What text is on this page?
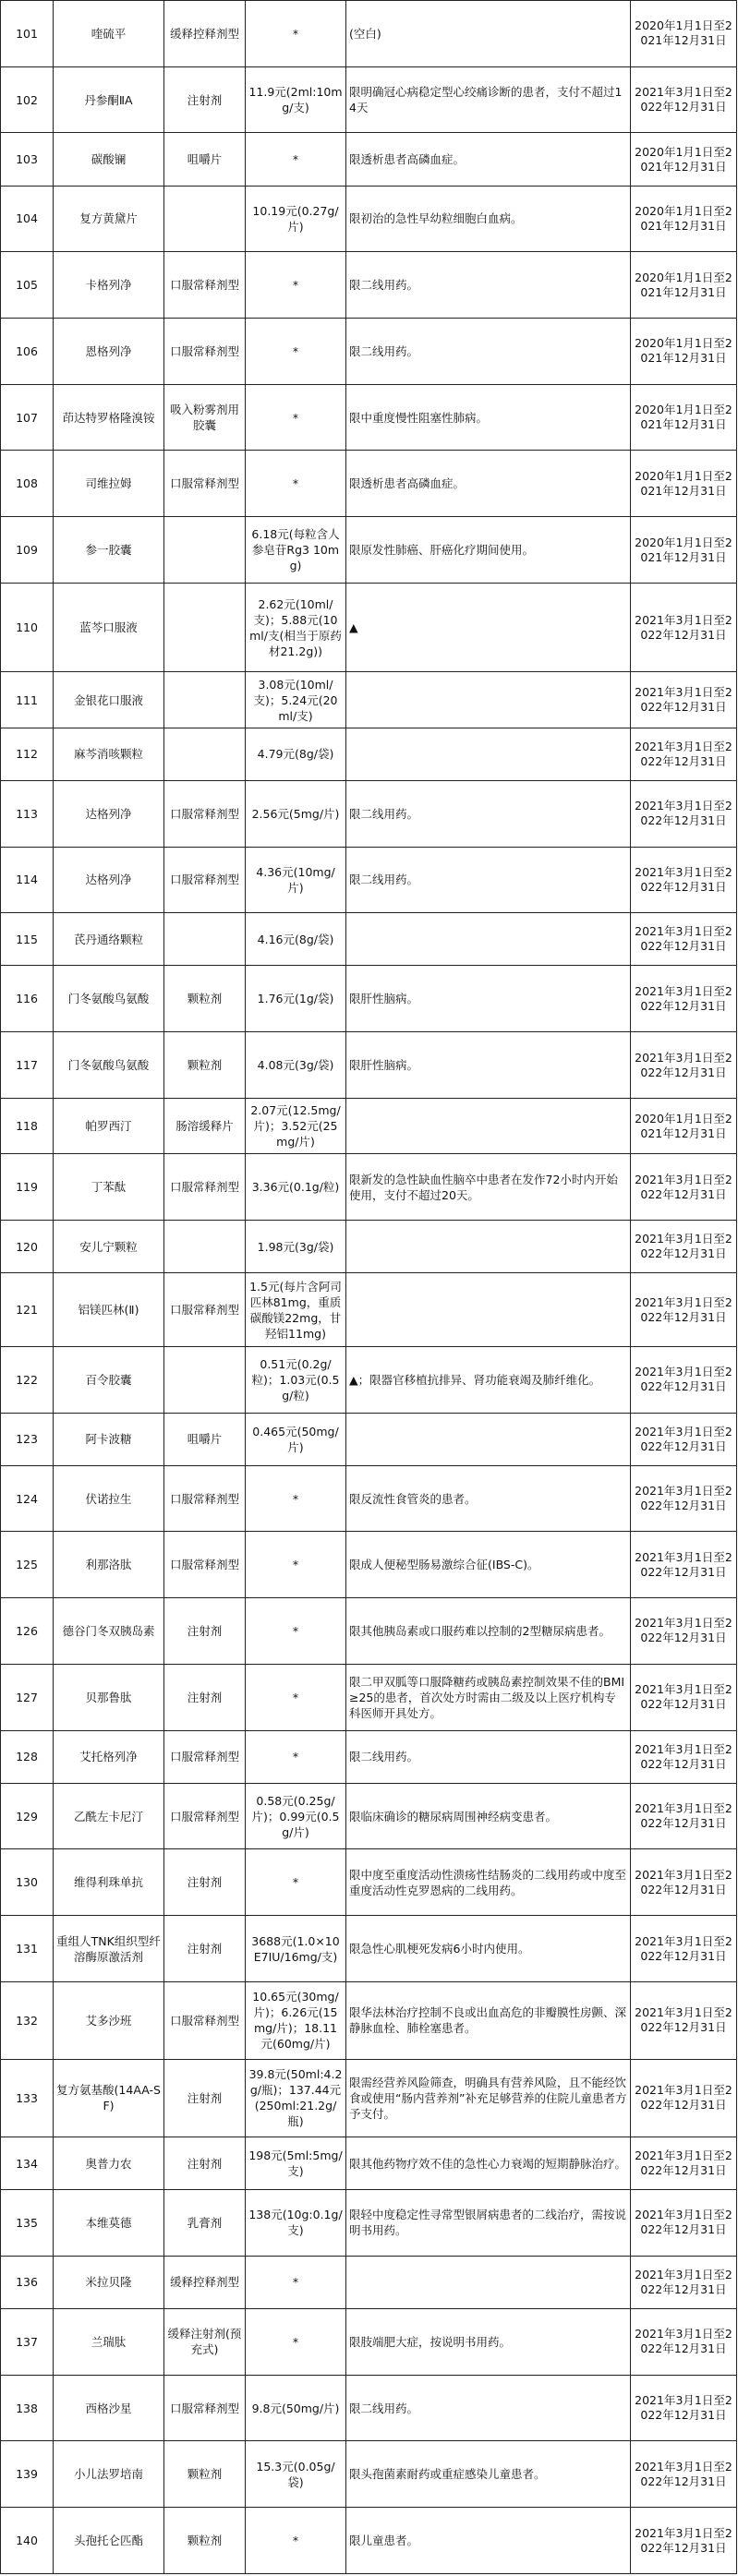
101	喹硫平	缓释控释剂型	*	(空白)	2020年1月1日至2021年12月31日
102	丹参酮ⅡA	注射剂	11.9元(2ml:10mg/支)	限明确冠心病稳定型心绞痛诊断的患者，支付不超过14天	2021年3月1日至2022年12月31日
103	碳酸镧	咀嚼片	*	限透析患者高磷血症。	2020年1月1日至2021年12月31日
104	复方黄黛片		10.19元(0.27g/片)	限初治的急性早幼粒细胞白血病。	2020年1月1日至2021年12月31日
105	卡格列净	口服常释剂型	*	限二线用药。	2020年1月1日至2021年12月31日
106	恩格列净	口服常释剂型	*	限二线用药。	2020年1月1日至2021年12月31日
107	茚达特罗格隆溴铵	吸入粉雾剂用胶囊	*	限中重度慢性阻塞性肺病。	2020年1月1日至2021年12月31日
108	司维拉姆	口服常释剂型	*	限透析患者高磷血症。	2020年1月1日至2021年12月31日
109	参一胶囊		6.18元(每粒含人参皂苷Rg3 10mg)	限原发性肺癌、肝癌化疗期间使用。	2020年1月1日至2021年12月31日
110	蓝芩口服液		2.62元(10ml/支)；5.88元(10ml/支(相当于原药材21.2g))	▲	2021年3月1日至2022年12月31日
111	金银花口服液		3.08元(10ml/支)；5.24元(20ml/支)		2021年3月1日至2022年12月31日
112	麻芩消咳颗粒		4.79元(8g/袋)		2021年3月1日至2022年12月31日
113	达格列净	口服常释剂型	2.56元(5mg/片)	限二线用药。	2021年3月1日至2022年12月31日
114	达格列净	口服常释剂型	4.36元(10mg/片)	限二线用药。	2021年3月1日至2022年12月31日
115	芪丹通络颗粒		4.16元(8g/袋)		2021年3月1日至2022年12月31日
116	门冬氨酸鸟氨酸	颗粒剂	1.76元(1g/袋)	限肝性脑病。	2021年3月1日至2022年12月31日
117	门冬氨酸鸟氨酸	颗粒剂	4.08元(3g/袋)	限肝性脑病。	2021年3月1日至2022年12月31日
118	帕罗西汀	肠溶缓释片	2.07元(12.5mg/片)；3.52元(25mg/片)		2020年1月1日至2021年12月31日
119	丁苯酞	口服常释剂型	3.36元(0.1g/粒)	限新发的急性缺血性脑卒中患者在发作72小时内开始使用，支付不超过20天。	2021年3月1日至2022年12月31日
120	安儿宁颗粒		1.98元(3g/袋)		2021年3月1日至2022年12月31日
121	铝镁匹林(Ⅱ)	口服常释剂型	1.5元(每片含阿司匹林81mg，重质碳酸镁22mg，甘羟铝11mg)		2021年3月1日至2022年12月31日
122	百令胶囊		0.51元(0.2g/粒)；1.03元(0.5g/粒)	▲；限器官移植抗排异、肾功能衰竭及肺纤维化。	2021年3月1日至2022年12月31日
123	阿卡波糖	咀嚼片	0.465元(50mg/片)		2021年3月1日至2022年12月31日
124	伏诺拉生	口服常释剂型	*	限反流性食管炎的患者。	2021年3月1日至2022年12月31日
125	利那洛肽	口服常释剂型	*	限成人便秘型肠易激综合征(IBS-C)。	2021年3月1日至2022年12月31日
126	德谷门冬双胰岛素	注射剂	*	限其他胰岛素或口服药难以控制的2型糖尿病患者。	2021年3月1日至2022年12月31日
127	贝那鲁肽	注射剂	*	限二甲双胍等口服降糖药或胰岛素控制效果不佳的BMI≥25的患者，首次处方时需由二级及以上医疗机构专科医师开具处方。	2021年3月1日至2022年12月31日
128	艾托格列净	口服常释剂型	*	限二线用药。	2021年3月1日至2022年12月31日
129	乙酰左卡尼汀	口服常释剂型	0.58元(0.25g/片)；0.99元(0.5g/片)	限临床确诊的糖尿病周围神经病变患者。	2021年3月1日至2022年12月31日
130	维得利珠单抗	注射剂	*	限中度至重度活动性溃疡性结肠炎的二线用药或中度至重度活动性克罗恩病的二线用药。	2021年3月1日至2022年12月31日
131	重组人TNK组织型纤溶酶原激活剂	注射剂	3688元(1.0×10E7IU/16mg/支)	限急性心肌梗死发病6小时内使用。	2021年3月1日至2022年12月31日
132	艾多沙班	口服常释剂型	10.65元(30mg/片)；6.26元(15mg/片)；18.11元(60mg/片)	限华法林治疗控制不良或出血高危的非瓣膜性房颤、深静脉血栓、肺栓塞患者。	2021年3月1日至2022年12月31日
133	复方氨基酸(14AA-SF)	注射剂	39.8元(50ml:4.2g/瓶)；137.44元(250ml:21.2g/瓶)	限需经营养风险筛查，明确具有营养风险，且不能经饮食或使用“肠内营养剂”补充足够营养的住院儿童患者方予支付。	2021年3月1日至2022年12月31日
134	奥普力农	注射剂	198元(5ml:5mg/支)	限其他药物疗效不佳的急性心力衰竭的短期静脉治疗。	2021年3月1日至2022年12月31日
135	本维莫德	乳膏剂	138元(10g:0.1g/支)	限轻中度稳定性寻常型银屑病患者的二线治疗，需按说明书用药。	2021年3月1日至2022年12月31日
136	米拉贝隆	缓释控释剂型	*		2021年3月1日至2022年12月31日
137	兰瑞肽	缓释注射剂(预充式)	*	限肢端肥大症，按说明书用药。	2021年3月1日至2022年12月31日
138	西格沙星	口服常释剂型	9.8元(50mg/片)	限二线用药。	2021年3月1日至2022年12月31日
139	小儿法罗培南	颗粒剂	15.3元(0.05g/袋)	限头孢菌素耐药或重症感染儿童患者。	2021年3月1日至2022年12月31日
140	头孢托仑匹酯	颗粒剂	*	限儿童患者。	2021年3月1日至2022年12月31日
